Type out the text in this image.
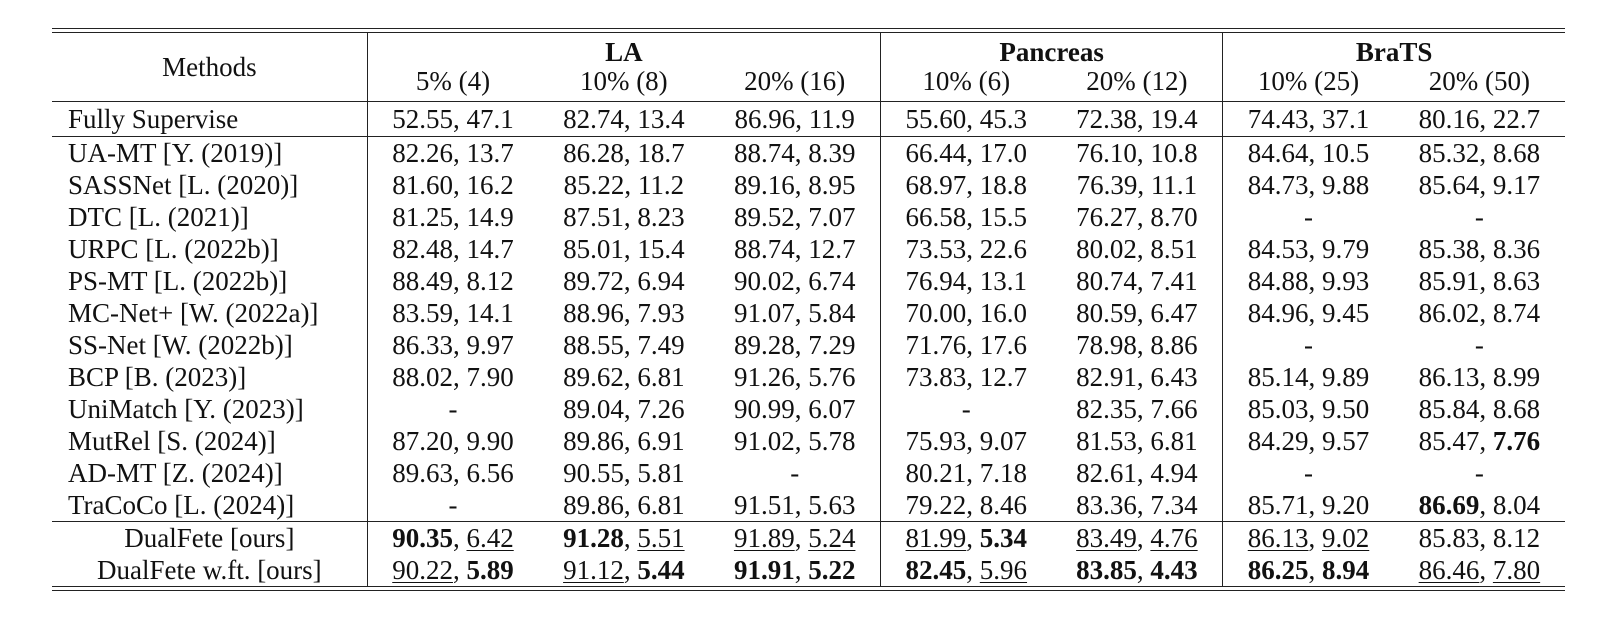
Methods	LA			Pancreas		BraTS	
	5% (4)	10% (8)	20% (16)	10% (6)	20% (12)	10% (25)	20% (50)
Fully Supervise	52.55, 47.1	82.74, 13.4	86.96, 11.9	55.60, 45.3	72.38, 19.4	74.43, 37.1	80.16, 22.7
UA-MT [Y. (2019)]	82.26, 13.7	86.28, 18.7	88.74, 8.39	66.44, 17.0	76.10, 10.8	84.64, 10.5	85.32, 8.68
SASSNet [L. (2020)]	81.60, 16.2	85.22, 11.2	89.16, 8.95	68.97, 18.8	76.39, 11.1	84.73, 9.88	85.64, 9.17
DTC [L. (2021)]	81.25, 14.9	87.51, 8.23	89.52, 7.07	66.58, 15.5	76.27, 8.70	-	-
URPC [L. (2022b)]	82.48, 14.7	85.01, 15.4	88.74, 12.7	73.53, 22.6	80.02, 8.51	84.53, 9.79	85.38, 8.36
PS-MT [L. (2022b)]	88.49, 8.12	89.72, 6.94	90.02, 6.74	76.94, 13.1	80.74, 7.41	84.88, 9.93	85.91, 8.63
MC-Net+ [W. (2022a)]	83.59, 14.1	88.96, 7.93	91.07, 5.84	70.00, 16.0	80.59, 6.47	84.96, 9.45	86.02, 8.74
SS-Net [W. (2022b)]	86.33, 9.97	88.55, 7.49	89.28, 7.29	71.76, 17.6	78.98, 8.86	-	-
BCP [B. (2023)]	88.02, 7.90	89.62, 6.81	91.26, 5.76	73.83, 12.7	82.91, 6.43	85.14, 9.89	86.13, 8.99
UniMatch [Y. (2023)]	-	89.04, 7.26	90.99, 6.07	-	82.35, 7.66	85.03, 9.50	85.84, 8.68
MutRel [S. (2024)]	87.20, 9.90	89.86, 6.91	91.02, 5.78	75.93, 9.07	81.53, 6.81	84.29, 9.57	85.47, 7.76
AD-MT [Z. (2024)]	89.63, 6.56	90.55, 5.81	-	80.21, 7.18	82.61, 4.94	-	-
TraCoCo [L. (2024)]	-	89.86, 6.81	91.51, 5.63	79.22, 8.46	83.36, 7.34	85.71, 9.20	86.69, 8.04
DualFete [ours]	90.35, 6.42	91.28, 5.51	91.89, 5.24	81.99, 5.34	83.49, 4.76	86.13, 9.02	85.83, 8.12
DualFete w.ft. [ours]	90.22, 5.89	91.12, 5.44	91.91, 5.22	82.45, 5.96	83.85, 4.43	86.25, 8.94	86.46, 7.80
